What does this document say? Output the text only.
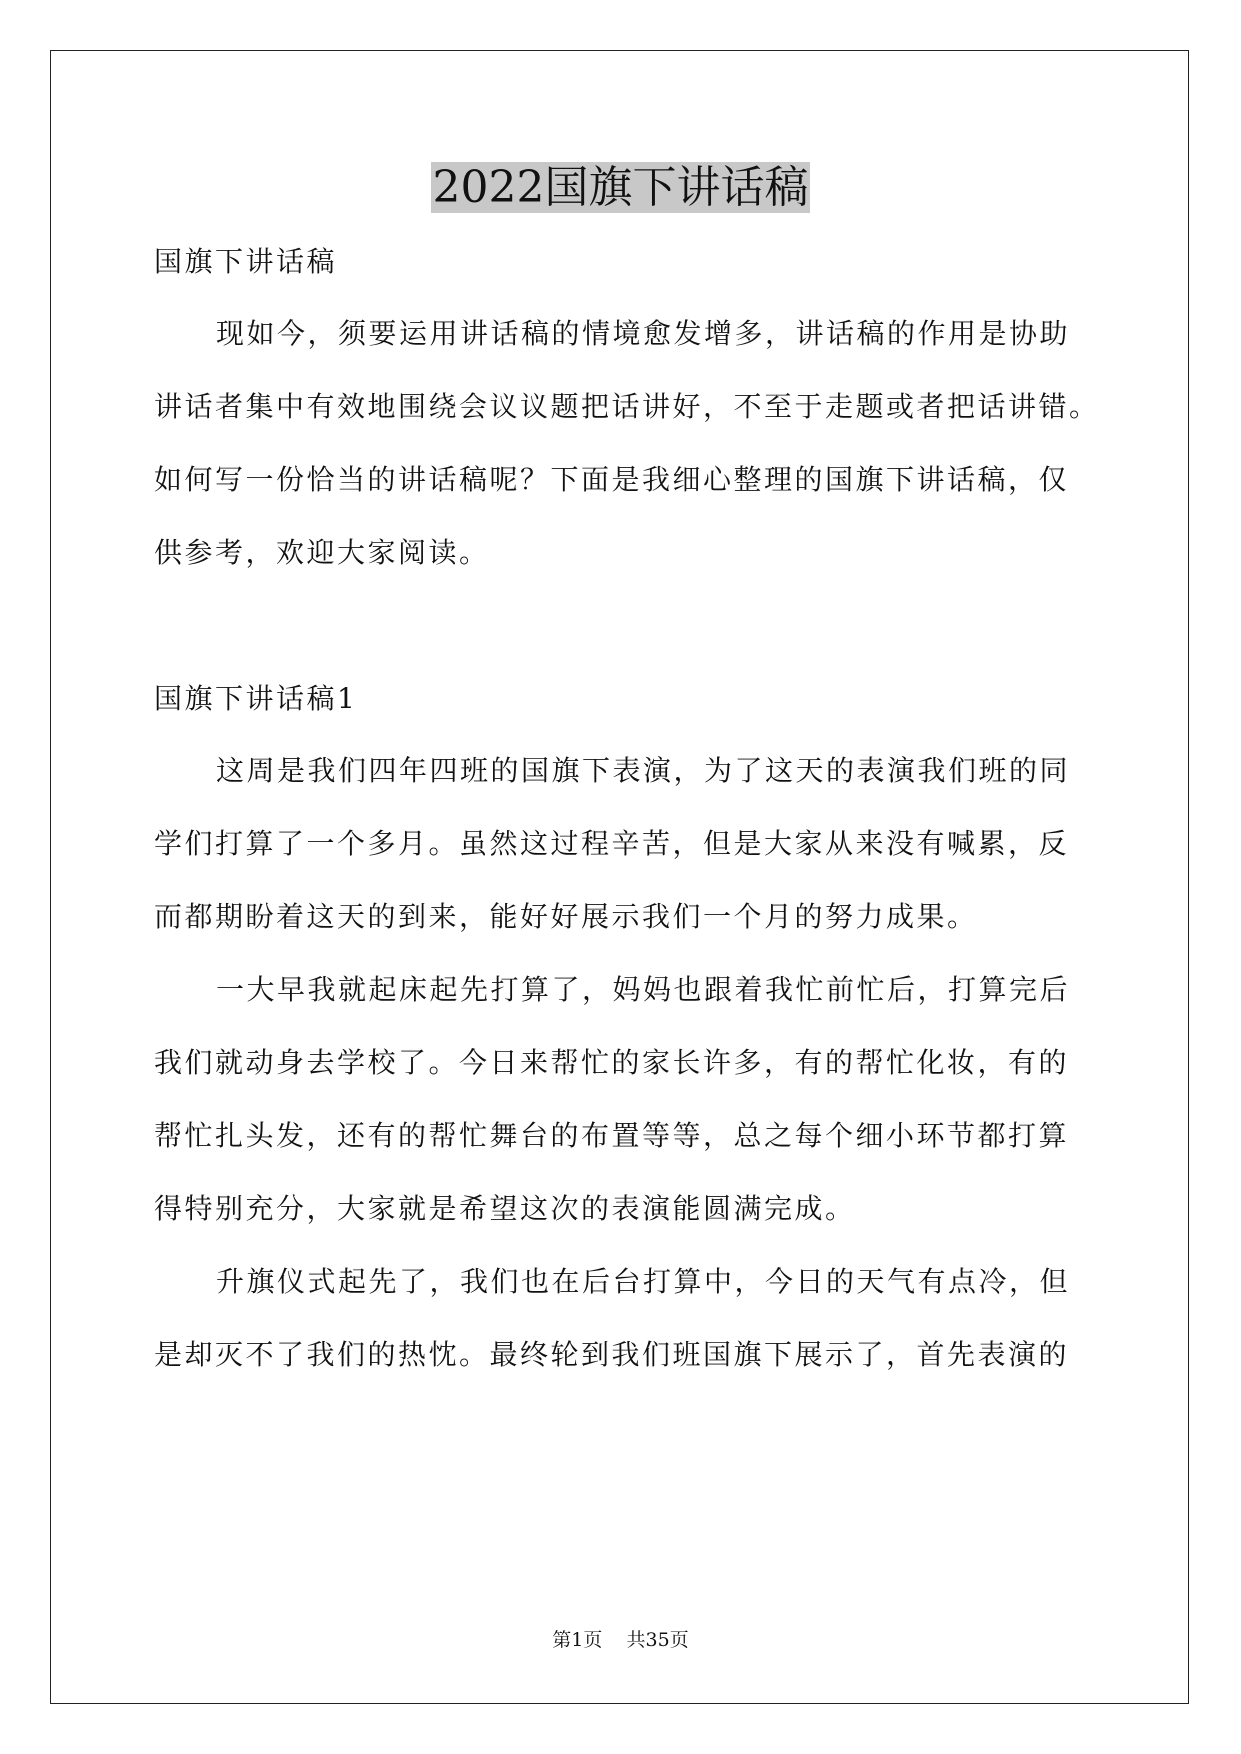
2022国旗下讲话稿
国旗下讲话稿
现如今，须要运用讲话稿的情境愈发增多，讲话稿的作用是协助
讲话者集中有效地围绕会议议题把话讲好，不至于走题或者把话讲错。
如何写一份恰当的讲话稿呢？下面是我细心整理的国旗下讲话稿，仅
供参考，欢迎大家阅读。
国旗下讲话稿1
这周是我们四年四班的国旗下表演，为了这天的表演我们班的同
学们打算了一个多月。虽然这过程辛苦，但是大家从来没有喊累，反
而都期盼着这天的到来，能好好展示我们一个月的努力成果。
一大早我就起床起先打算了，妈妈也跟着我忙前忙后，打算完后
我们就动身去学校了。今日来帮忙的家长许多，有的帮忙化妆，有的
帮忙扎头发，还有的帮忙舞台的布置等等，总之每个细小环节都打算
得特别充分，大家就是希望这次的表演能圆满完成。
升旗仪式起先了，我们也在后台打算中，今日的天气有点冷，但
是却灭不了我们的热忱。最终轮到我们班国旗下展示了，首先表演的
第1页 共35页
